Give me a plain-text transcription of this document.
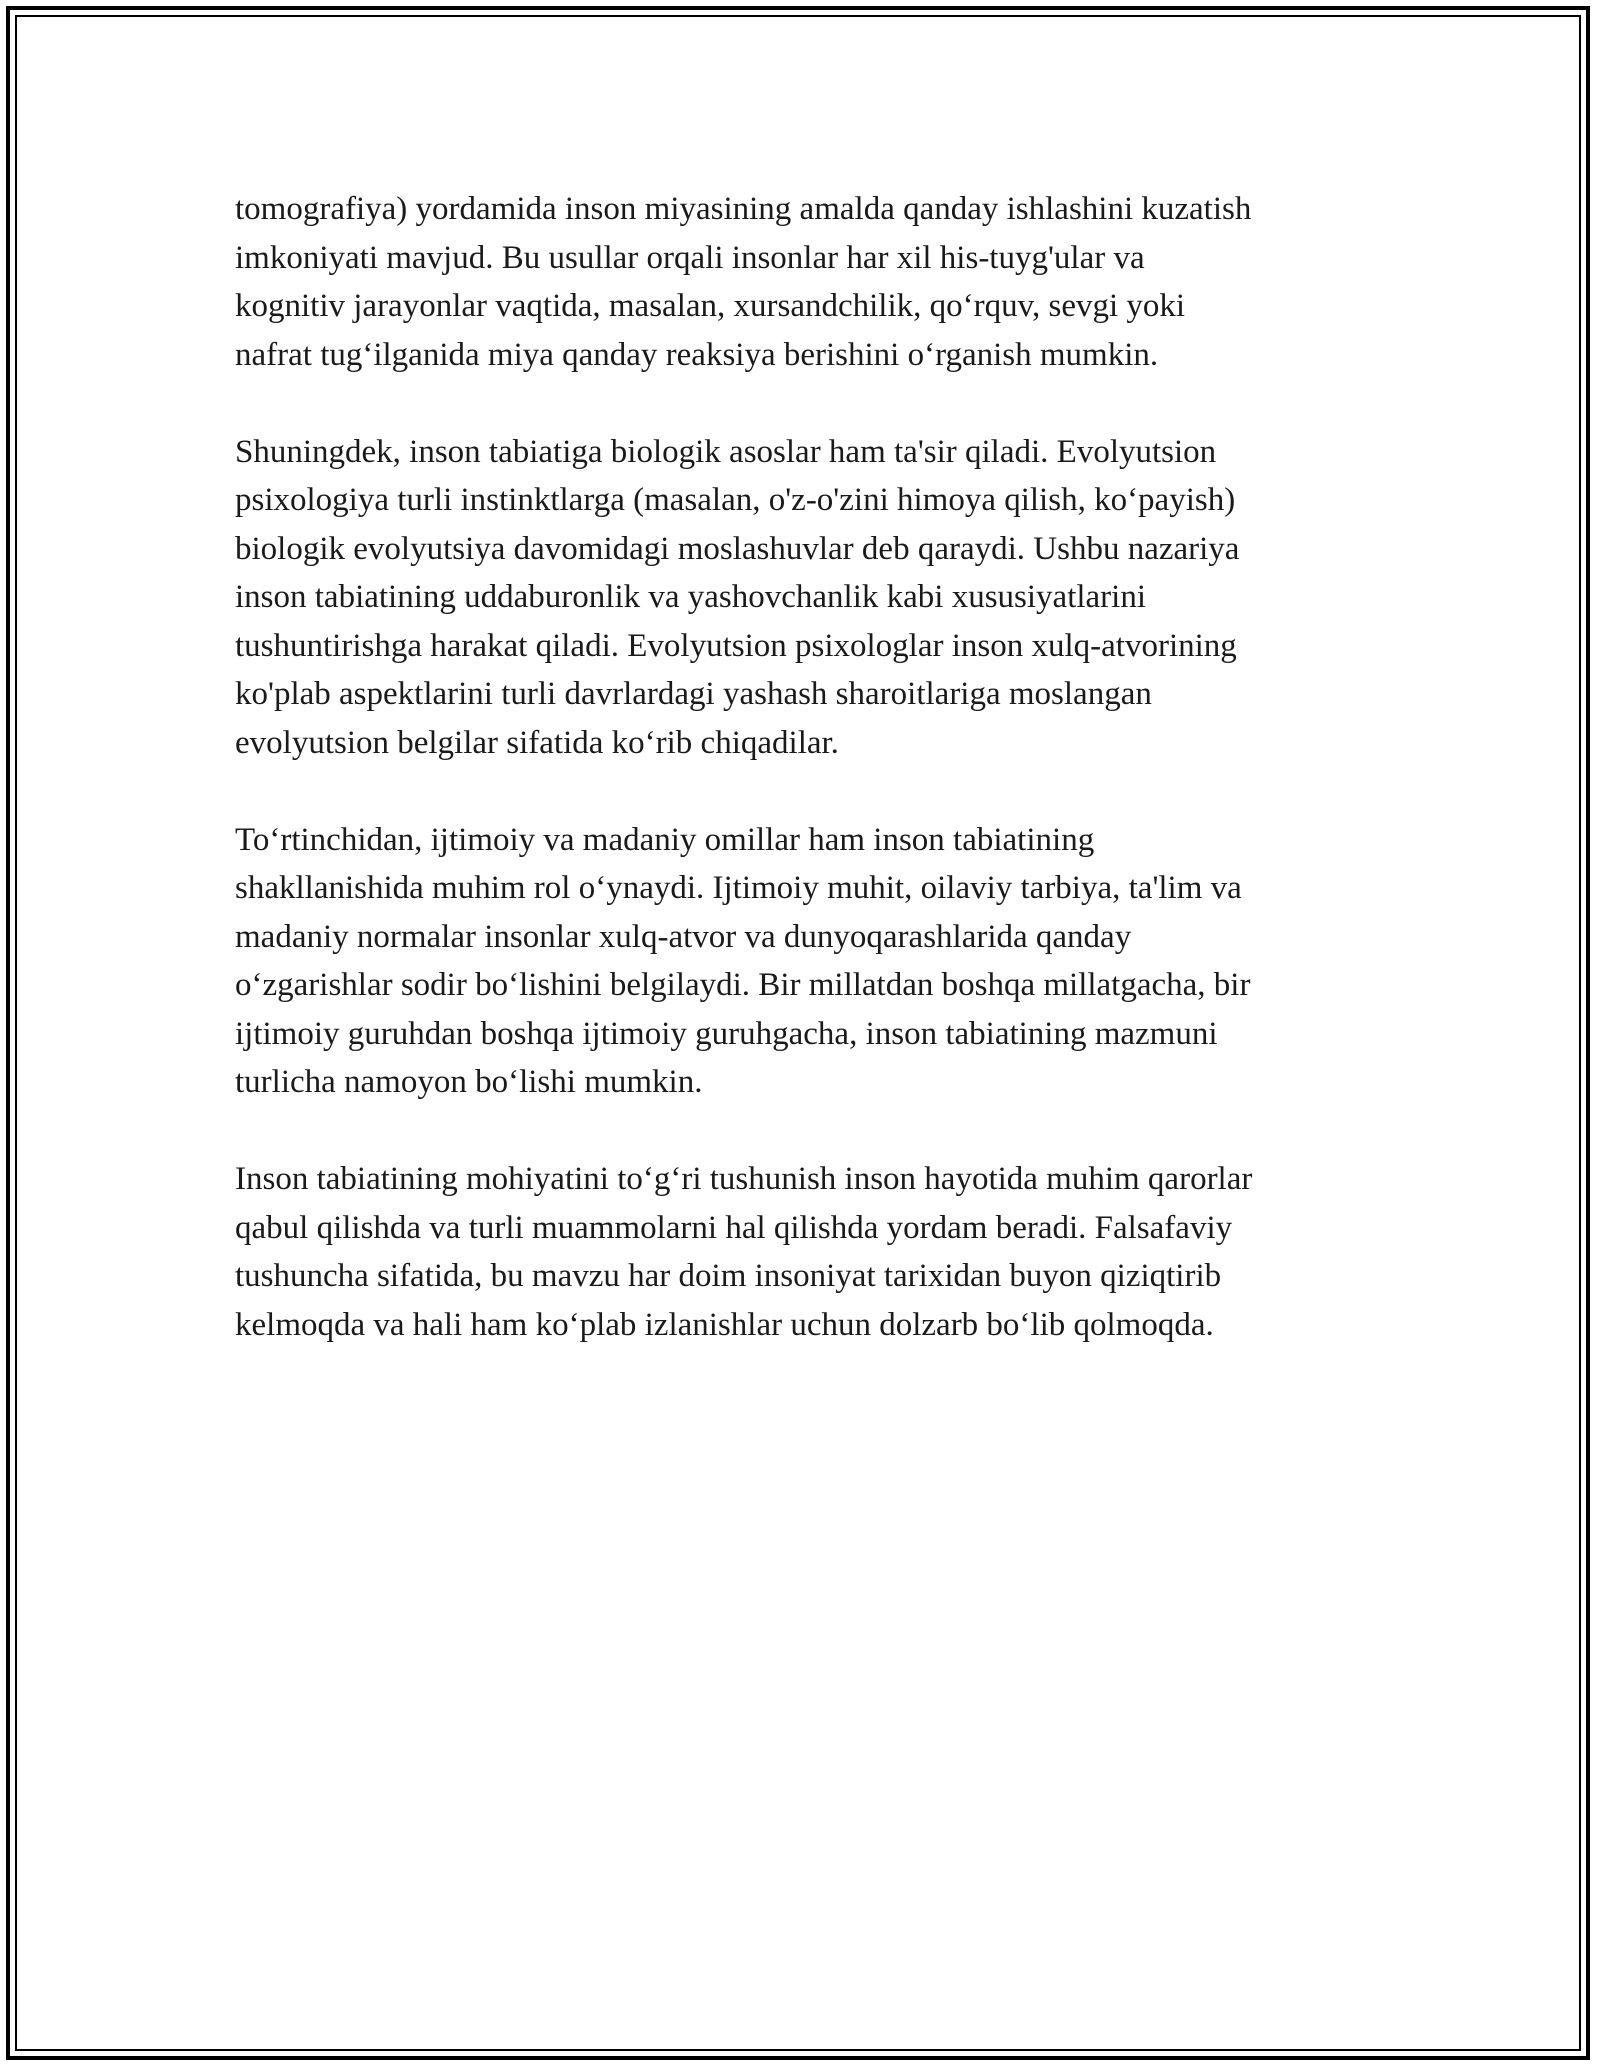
tomografiya) yordamida inson miyasining amalda qanday ishlashini kuzatish
imkoniyati mavjud. Bu usullar orqali insonlar har xil his-tuyg'ular va
kognitiv jarayonlar vaqtida, masalan, xursandchilik, qo‘rquv, sevgi yoki
nafrat tug‘ilganida miya qanday reaksiya berishini o‘rganish mumkin.

Shuningdek, inson tabiatiga biologik asoslar ham ta'sir qiladi. Evolyutsion
psixologiya turli instinktlarga (masalan, o'z-o'zini himoya qilish, ko‘payish)
biologik evolyutsiya davomidagi moslashuvlar deb qaraydi. Ushbu nazariya
inson tabiatining uddaburonlik va yashovchanlik kabi xususiyatlarini
tushuntirishga harakat qiladi. Evolyutsion psixologlar inson xulq-atvorining
ko'plab aspektlarini turli davrlardagi yashash sharoitlariga moslangan
evolyutsion belgilar sifatida ko‘rib chiqadilar.

To‘rtinchidan, ijtimoiy va madaniy omillar ham inson tabiatining
shakllanishida muhim rol o‘ynaydi. Ijtimoiy muhit, oilaviy tarbiya, ta'lim va
madaniy normalar insonlar xulq-atvor va dunyoqarashlarida qanday
o‘zgarishlar sodir bo‘lishini belgilaydi. Bir millatdan boshqa millatgacha, bir
ijtimoiy guruhdan boshqa ijtimoiy guruhgacha, inson tabiatining mazmuni
turlicha namoyon bo‘lishi mumkin.

Inson tabiatining mohiyatini to‘g‘ri tushunish inson hayotida muhim qarorlar
qabul qilishda va turli muammolarni hal qilishda yordam beradi. Falsafaviy
tushuncha sifatida, bu mavzu har doim insoniyat tarixidan buyon qiziqtirib
kelmoqda va hali ham ko‘plab izlanishlar uchun dolzarb bo‘lib qolmoqda.
